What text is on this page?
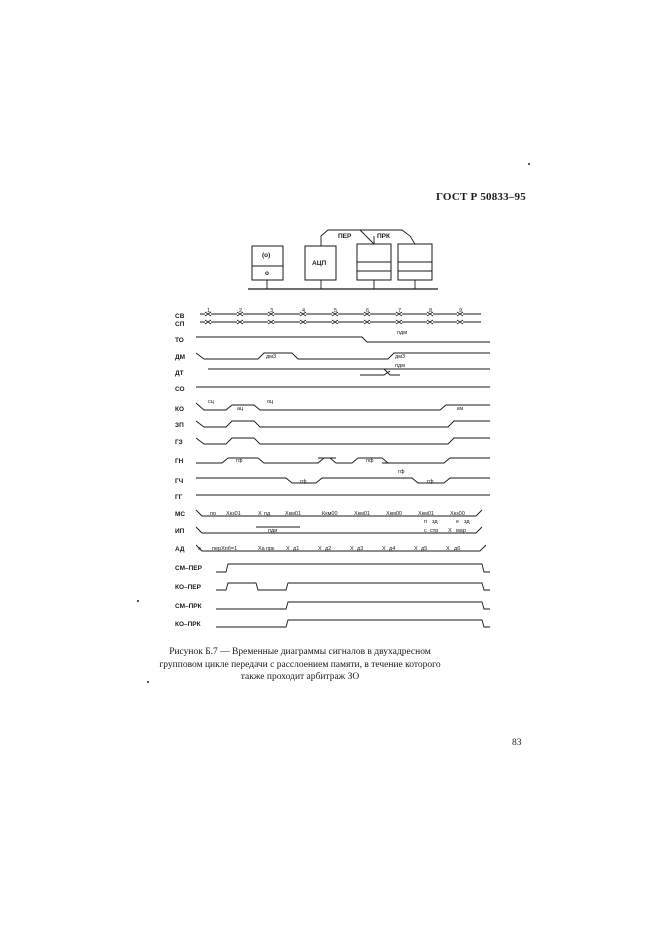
ГОСТ Р 50833–95
ПЕР	ПРК
(о)
о
АЦП
СВ
СП
ТО
ДМ
ДТ
СО
КО
ЗП
ГЗ
ГН
ГЧ
ГГ
МС
ИП
АД
СМ–ПЕР
КО–ПЕР
СМ–ПРК
КО–ПРК
1	2	3	4	5	6	7	8	9
пдм
дм3	дм3
пдм
сц
ац
оц
км
гф	пф
гф
гф	гф
по Хкз01	Х пд	Хкм01	Ккм00	Хкм01	Хкм00	Хкм01	Хкз00
п зд	е зд
пди	с стр Х мар
а перХпб=1	Ха прк Х д1	Х д2	Х д3	Х д4	Х д5	Х д6
Рисунок Б.7 — Временные диаграммы сигналов в двухадресном
групповом цикле передачи с расслоением памяти, в течение которого
также проходит арбитраж ЗО
83
